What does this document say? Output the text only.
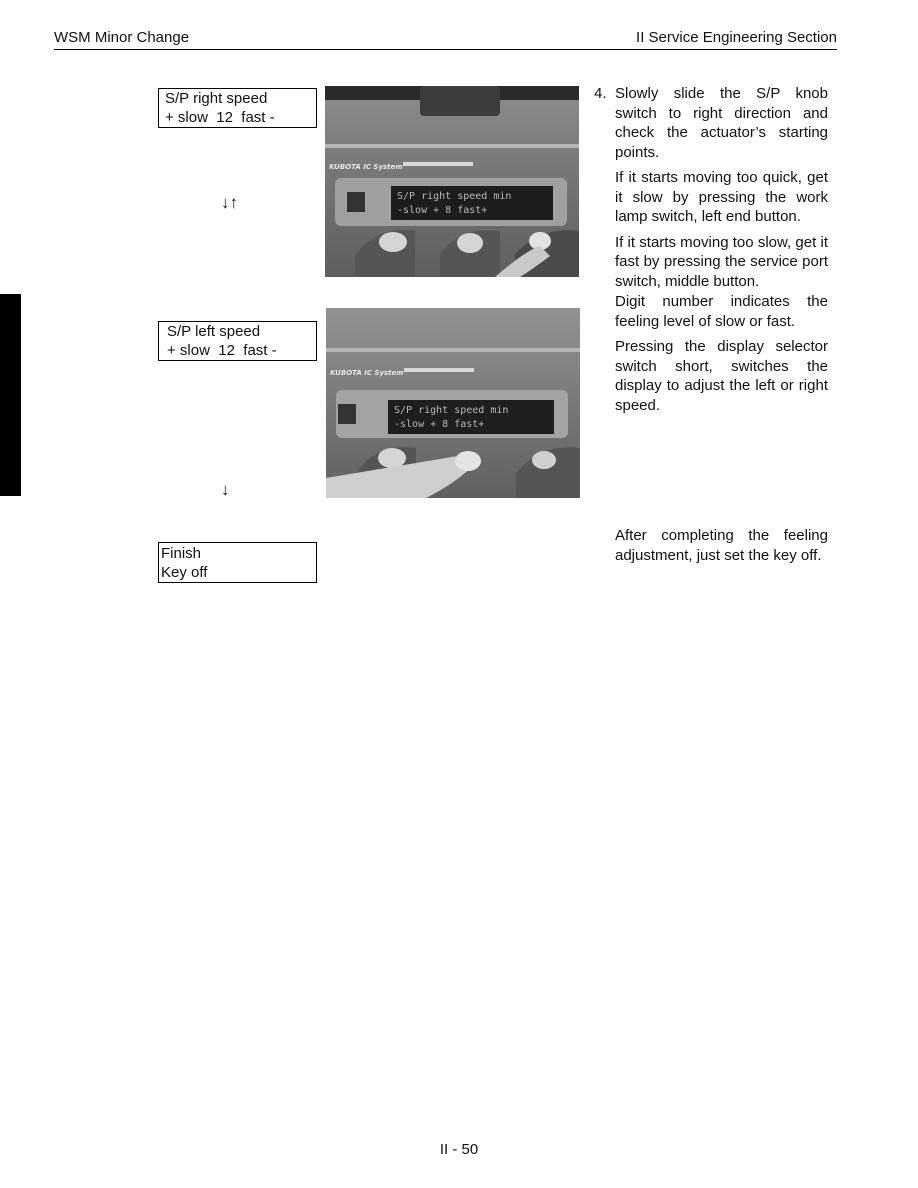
WSM Minor Change	II Service Engineering Section
S/P right speed
+ slow  12  fast -
↓↑
S/P left speed
+ slow  12  fast -
↓
Finish
Key off
KUBOTA IC System
S/P right speed min
-slow + 8 fast+
KUBOTA IC System
S/P right speed min
-slow + 8 fast+
4. Slowly slide the S/P knob switch to right direction and check the actuator’s starting points.

If it starts moving too quick, get it slow by pressing the work lamp switch, left end button.

If it starts moving too slow, get it fast by pressing the service port switch, middle button.

Digit number indicates the feeling level of slow or fast.

Pressing the display selector switch short, switches the display to adjust the left or right speed.

After completing the feeling adjustment, just set the key off.
II - 50
